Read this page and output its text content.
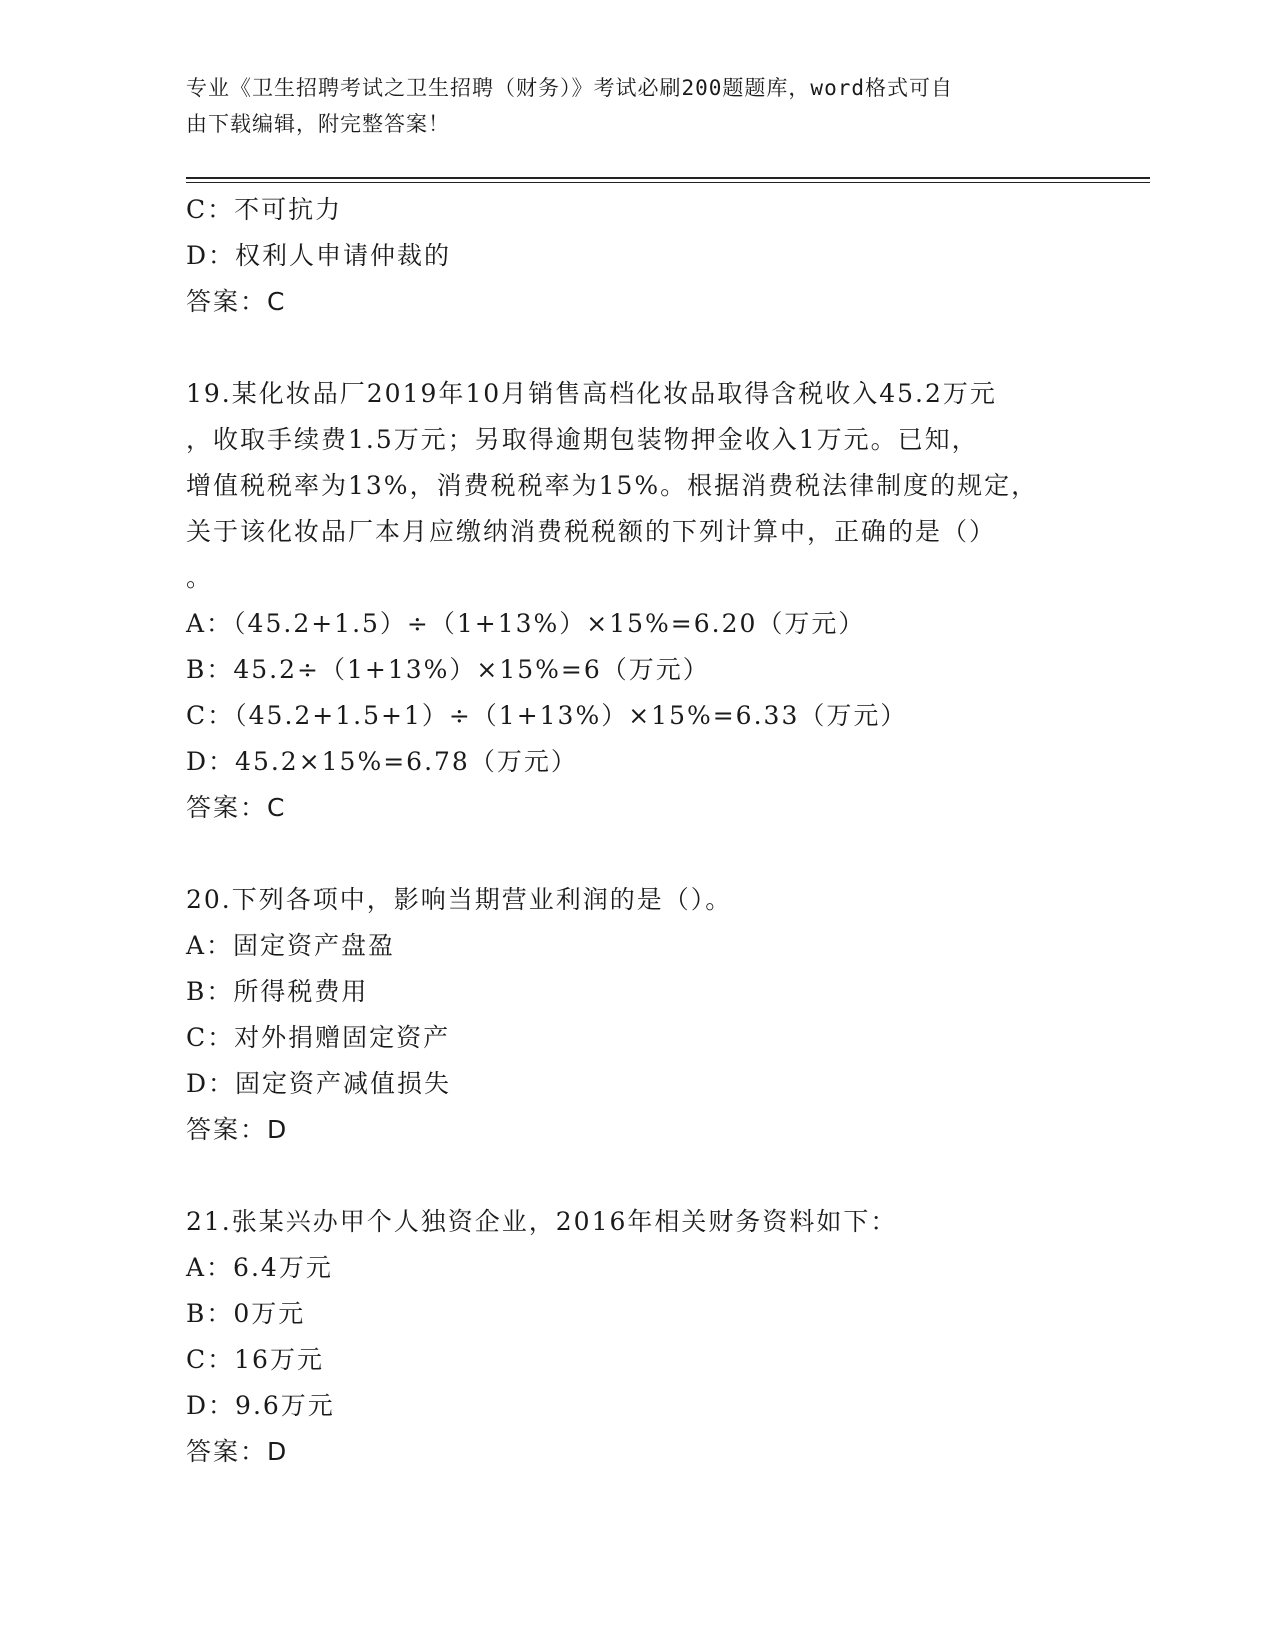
专业《卫生招聘考试之卫生招聘（财务）》考试必刷200题题库，word格式可自
由下载编辑，附完整答案！
C：不可抗力
D：权利人申请仲裁的
答案：C
19.某化妆品厂2019年10月销售高档化妆品取得含税收入45.2万元
，收取手续费1.5万元；另取得逾期包装物押金收入1万元。已知，
增值税税率为13%，消费税税率为15%。根据消费税法律制度的规定，
关于该化妆品厂本月应缴纳消费税税额的下列计算中，正确的是（）
。
A：（45.2+1.5）÷（1+13%）×15%=6.20（万元）
B：45.2÷（1+13%）×15%=6（万元）
C：（45.2+1.5+1）÷（1+13%）×15%=6.33（万元）
D：45.2×15%=6.78（万元）
答案：C
20.下列各项中，影响当期营业利润的是（）。
A：固定资产盘盈
B：所得税费用
C：对外捐赠固定资产
D：固定资产减值损失
答案：D
21.张某兴办甲个人独资企业，2016年相关财务资料如下：
A：6.4万元
B：0万元
C：16万元
D：9.6万元
答案：D
